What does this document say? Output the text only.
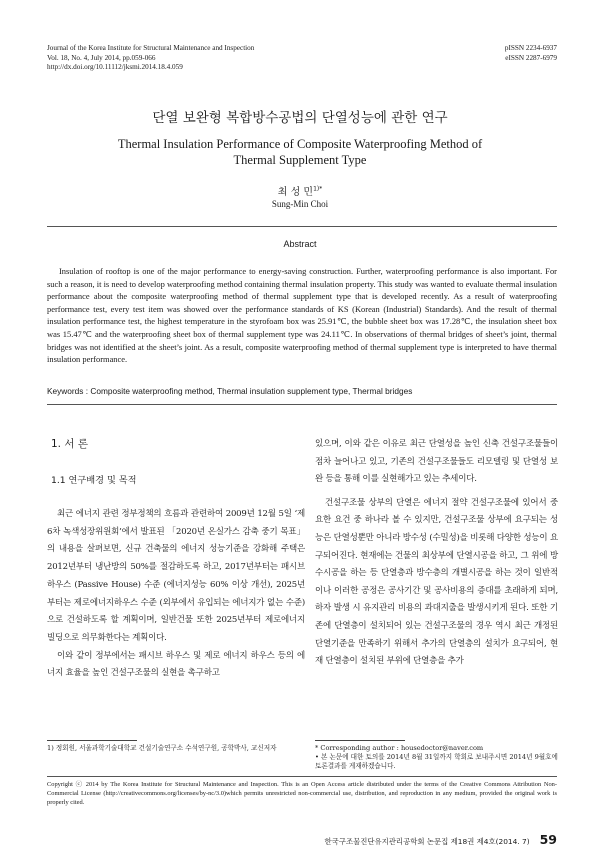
Journal of the Korea Institute for Structural Maintenance and Inspection
Vol. 18, No. 4, July 2014, pp.059-066
http://dx.doi.org/10.11112/jksmi.2014.18.4.059
pISSN 2234-6937
eISSN 2287-6979
단열 보완형 복합방수공법의 단열성능에 관한 연구
Thermal Insulation Performance of Composite Waterproofing Method of Thermal Supplement Type
최 성 민$^{1)*}$
Sung-Min Choi
Abstract

Insulation of rooftop is one of the major performance to energy-saving construction. Further, waterproofing performance is also important. For such a reason, it is need to develop waterproofing method containing thermal insulation property. This study was wanted to evaluate thermal insulation performance about the composite waterproofing method of thermal supplement type that is developed recently. As a result of waterproofing performance test, every test item was showed over the performance standards of KS (Korean (Industrial) Standards). And the result of thermal insulation performance test, the highest temperature in the styrofoam box was 25.91℃, the bubble sheet box was 17.28℃, the insulation sheet box was 15.47℃ and the waterproofing sheet box of thermal supplement type was 24.11℃. In observations of thermal bridges of sheet’s joint, thermal bridges was not identified at the sheet’s joint. As a result, composite waterproofing method of thermal supplement type is interpreted to have thermal insulation performance.

Keywords : Composite waterproofing method, Thermal insulation supplement type, Thermal bridges
1. 서 론
1.1 연구배경 및 목적

최근 에너지 관련 정부정책의 흐름과 관련하여 2009년 12월 5일 ‘제6차 녹색성장위원회’에서 발표된 「2020년 온실가스 감축 중기 목표」의 내용을 살펴보면, 신규 건축물의 에너지 성능기준을 강화해 주택은 2012년부터 냉난방의 50%를 절감하도록 하고, 2017년부터는 패시브 하우스 (Passive House) 수준 (에너지성능 60% 이상 개선), 2025년부터는 제로에너지하우스 수준 (외부에서 유입되는 에너지가 없는 수준)으로 건설하도록 할 계획이며, 일반건물 또한 2025년부터 제로에너지 빌딩으로 의무화한다는 계획이다.

이와 같이 정부에서는 패시브 하우스 및 제로 에너지 하우스 등의 에너지 효율을 높인 건설구조물의 실현을 촉구하고

있으며, 이와 같은 이유로 최근 단열성을 높인 신축 건설구조물들이 점차 늘어나고 있고, 기존의 건설구조물들도 리모델링 및 단열성 보완 등을 통해 이를 실현해가고 있는 추세이다.

건설구조물 상부의 단열은 에너지 절약 건설구조물에 있어서 중요한 요건 중 하나라 볼 수 있지만, 건설구조물 상부에 요구되는 성능은 단열성뿐만 아니라 방수성 (수밀성)을 비롯해 다양한 성능이 요구되어진다. 현재에는 건물의 최상부에 단열시공을 하고, 그 위에 방수시공을 하는 등 단열층과 방수층의 개별시공을 하는 것이 일반적이나 이러한 공정은 공사기간 및 공사비용의 증대를 초래하게 되며, 하자 발생 시 유지관리 비용의 과대지출을 발생시키게 된다. 또한 기존에 단열층이 설치되어 있는 건설구조물의 경우 역시 최근 개정된 단열기준을 만족하기 위해서 추가의 단열층의 설치가 요구되어, 현재 단열층이 설치된 부위에 단열층을 추가

1) 정회원, 서울과학기술대학교 건설기술연구소 수석연구원, 공학박사, 교신저자	* Corresponding author : housedoctor@naver.com
• 본 논문에 대한 토의를 2014년 8월 31일까지 학회로 보내주시면 2014년 9월호에 토론결과를 게재하겠습니다.
Copyright ⓒ 2014 by The Korea Institute for Structural Maintenance and Inspection. This is an Open Access article distributed under the terms of the Creative Commons Attribution Non-Commercial License (http://creativecommons.org/licenses/by-nc/3.0)which permits unrestricted non-commercial use, distribution, and reproduction in any medium, provided the original work is properly cited.
한국구조물진단유지관리공학회 논문집 제18권 제4호(2014. 7) 59
